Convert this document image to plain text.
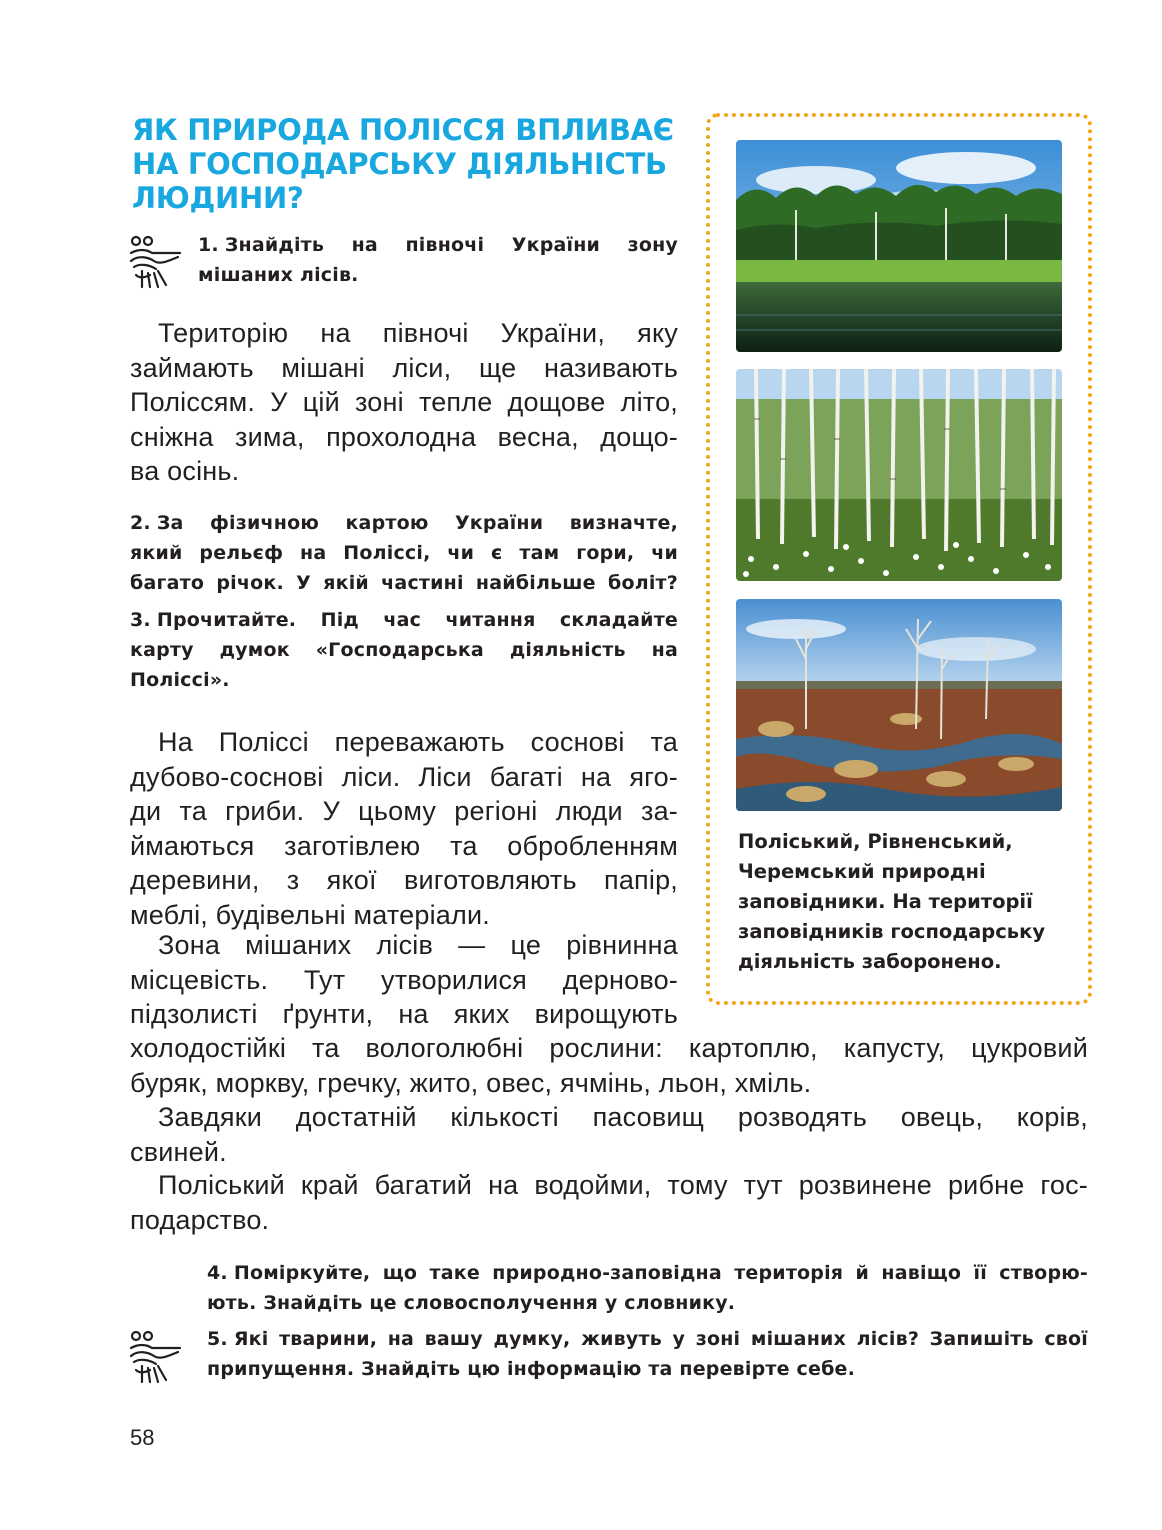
ЯК ПРИРОДА ПОЛІССЯ ВПЛИВАЄ
НА ГОСПОДАРСЬКУ ДІЯЛЬНІСТЬ
ЛЮДИНИ?

1. Знайдіть на півночі України зону

мішаних лісів.

Територію на півночі України, яку

займають мішані ліси, ще називають

Поліссям. У цій зоні тепле дощове літо,

сніжна зима, прохолодна весна, дощо-

ва осінь.

2. За фізичною картою України визначте,

який рельєф на Поліссі, чи є там гори, чи

багато річок. У якій частині найбільше боліт?

3. Прочитайте. Під час читання складайте

карту думок «Господарська діяльність на

Поліссі».

На Поліссі переважають соснові та

дубово-соснові ліси. Ліси багаті на яго-

ди та гриби. У цьому регіоні люди за-

ймаються заготівлею та обробленням

деревини, з якої виготовляють папір,

меблі, будівельні матеріали.

Зона мішаних лісів — це рівнинна

місцевість. Тут утворилися дерново-

підзолисті ґрунти, на яких вирощують

холодостійкі та вологолюбні рослини: картоплю, капусту, цукровий

буряк, моркву, гречку, жито, овес, ячмінь, льон, хміль.

Завдяки достатній кількості пасовищ розводять овець, корів,

свиней.

Поліський край багатий на водойми, тому тут розвинене рибне гос-

подарство.

4. Поміркуйте, що таке природно-заповідна територія й навіщо її створю-

ють. Знайдіть це словосполучення у словнику.

5. Які тварини, на вашу думку, живуть у зоні мішаних лісів? Запишіть свої

припущення. Знайдіть цю інформацію та перевірте себе.

Поліський, Рівненський,
Черемський природні
заповідники. На території
заповідників господарську
діяльність заборонено.
58
